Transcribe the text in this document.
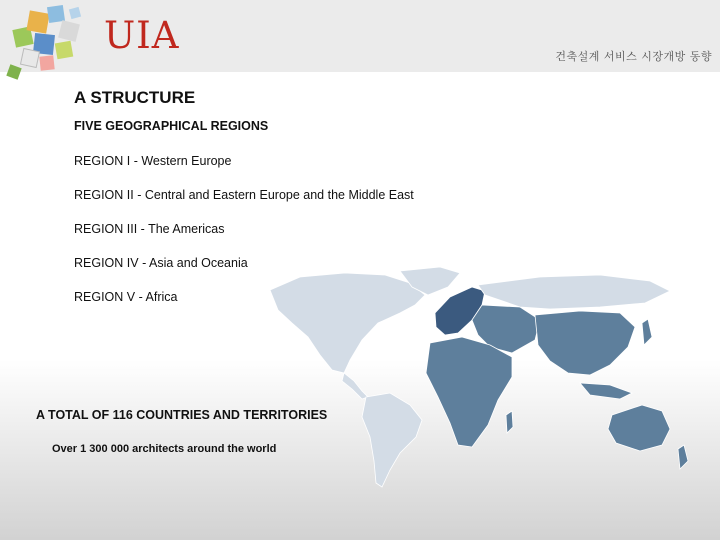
UIA	건축설계 서비스 시장개방 동향
A STRUCTURE
FIVE GEOGRAPHICAL REGIONS
REGION I - Western Europe
REGION II - Central and Eastern Europe and the Middle East
REGION III - The Americas
REGION IV - Asia and Oceania
REGION V - Africa
A TOTAL OF 116 COUNTRIES AND TERRITORIES
Over 1 300 000 architects around the world
